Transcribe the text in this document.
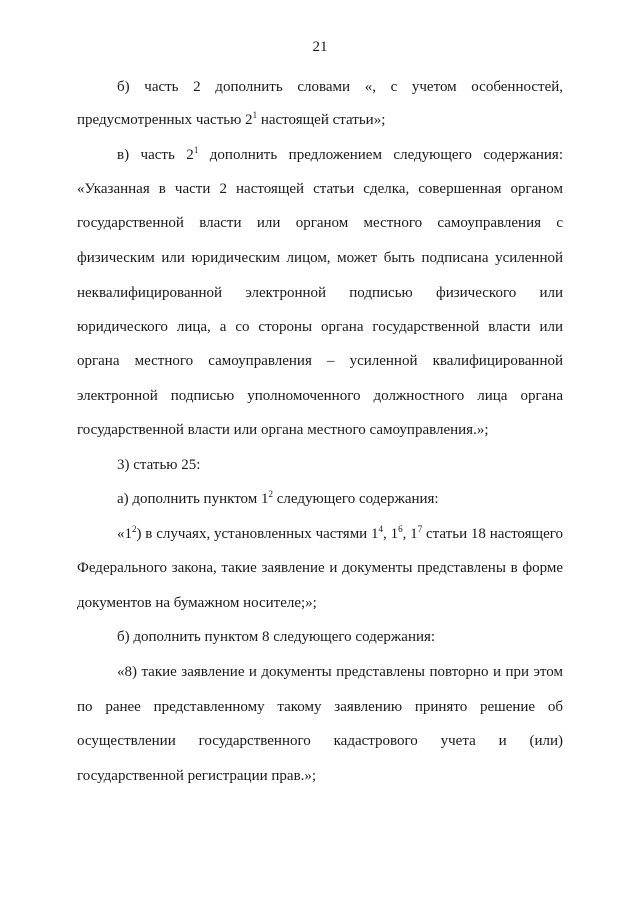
21
б) часть 2 дополнить словами «, с учетом особенностей,
предусмотренных частью $2^1$ настоящей статьи»;
в) часть $2^1$ дополнить предложением следующего содержания:
«Указанная в части 2 настоящей статьи сделка, совершенная органом
государственной власти или органом местного самоуправления с
физическим или юридическим лицом, может быть подписана усиленной
неквалифицированной электронной подписью физического или
юридического лица, а со стороны органа государственной власти или
органа местного самоуправления – усиленной квалифицированной
электронной подписью уполномоченного должностного лица органа
государственной власти или органа местного самоуправления.»;
3) статью 25:
а) дополнить пунктом $1^2$ следующего содержания:
«$1^2$) в случаях, установленных частями $1^4$, $1^6$, $1^7$ статьи 18 настоящего
Федерального закона, такие заявление и документы представлены в форме
документов на бумажном носителе;»;
б) дополнить пунктом 8 следующего содержания:
«8) такие заявление и документы представлены повторно и при этом
по ранее представленному такому заявлению принято решение об
осуществлении государственного кадастрового учета и (или)
государственной регистрации прав.»;
